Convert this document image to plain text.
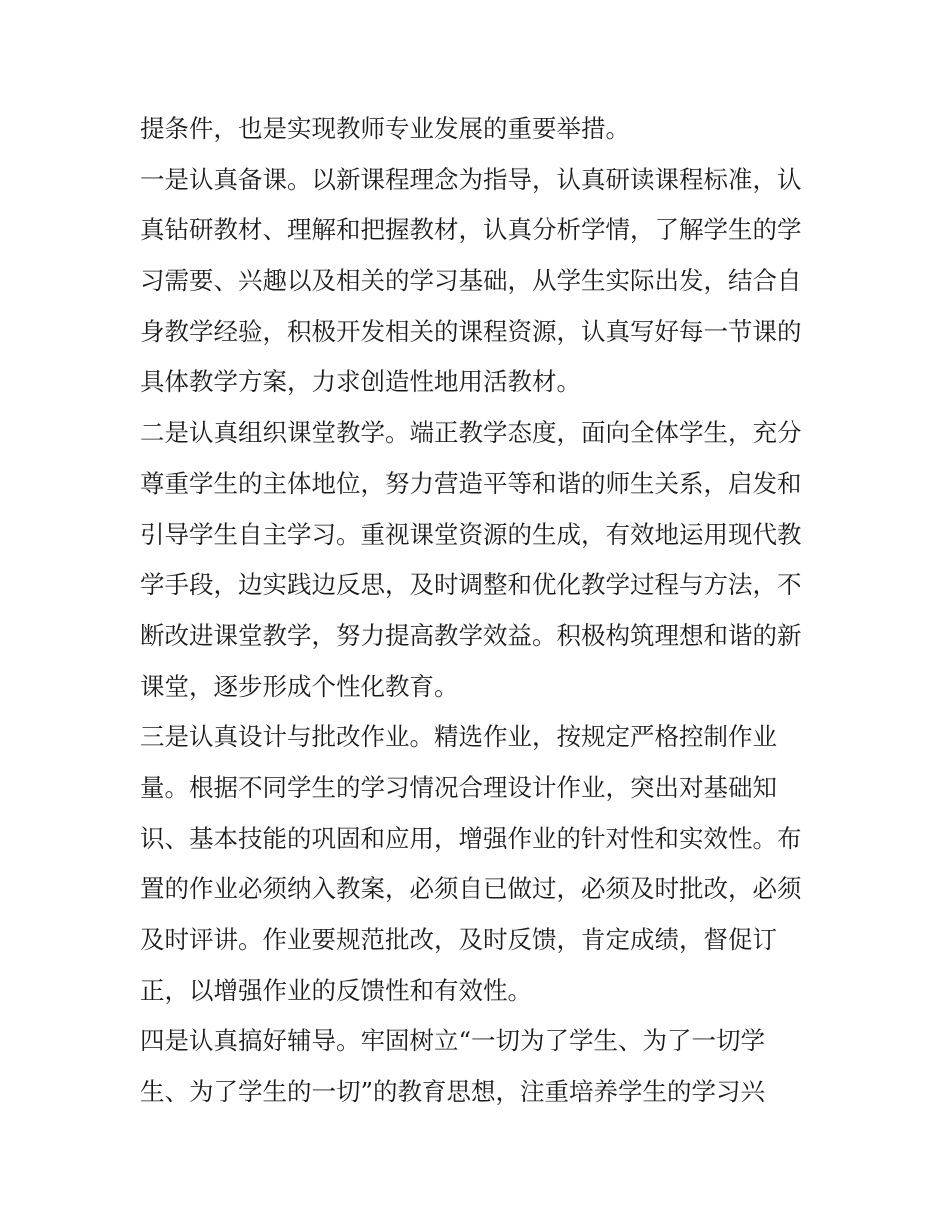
提条件，也是实现教师专业发展的重要举措。
一是认真备课。以新课程理念为指导，认真研读课程标准，认
真钻研教材、理解和把握教材，认真分析学情，了解学生的学
习需要、兴趣以及相关的学习基础，从学生实际出发，结合自
身教学经验，积极开发相关的课程资源，认真写好每一节课的
具体教学方案，力求创造性地用活教材。
二是认真组织课堂教学。端正教学态度，面向全体学生，充分
尊重学生的主体地位，努力营造平等和谐的师生关系，启发和
引导学生自主学习。重视课堂资源的生成，有效地运用现代教
学手段，边实践边反思，及时调整和优化教学过程与方法，不
断改进课堂教学，努力提高教学效益。积极构筑理想和谐的新
课堂，逐步形成个性化教育。
三是认真设计与批改作业。精选作业，按规定严格控制作业
量。根据不同学生的学习情况合理设计作业，突出对基础知
识、基本技能的巩固和应用，增强作业的针对性和实效性。布
置的作业必须纳入教案，必须自已做过，必须及时批改，必须
及时评讲。作业要规范批改，及时反馈，肯定成绩，督促订
正，以增强作业的反馈性和有效性。
四是认真搞好辅导。牢固树立“一切为了学生、为了一切学
生、为了学生的一切”的教育思想，注重培养学生的学习兴
